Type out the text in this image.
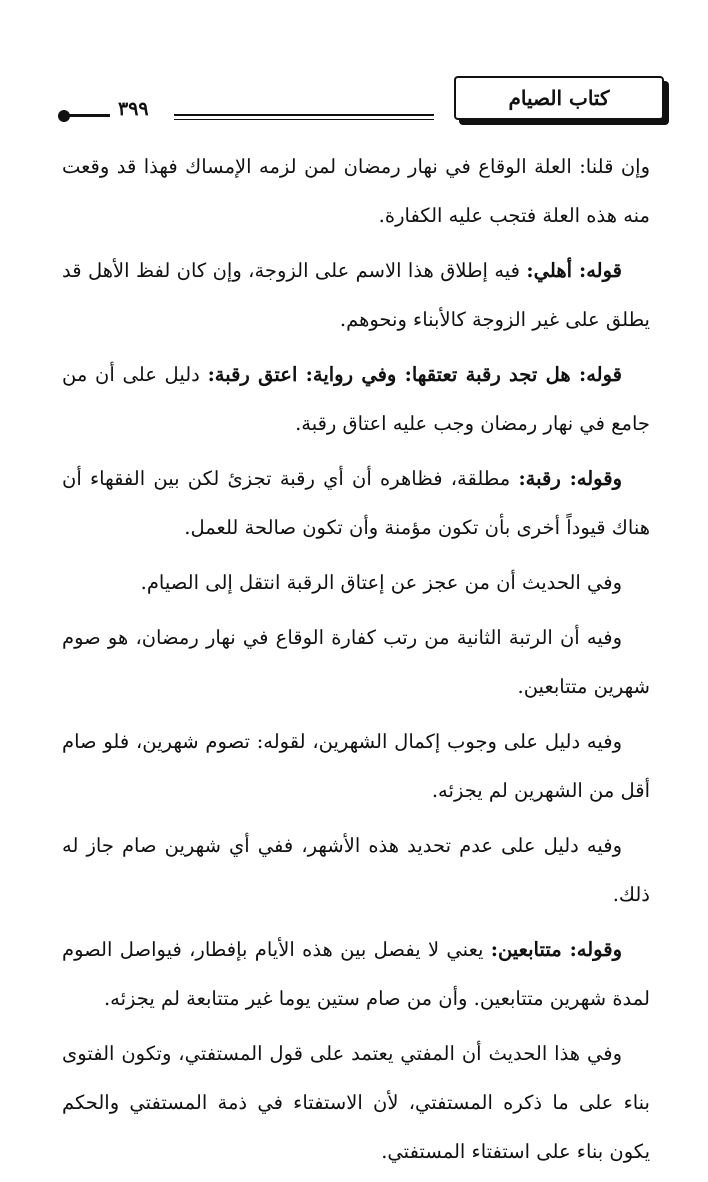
كتاب الصيام
٣٩٩

وإن قلنا: العلة الوقاع في نهار رمضان لمن لزمه الإمساك فهذا قد وقعت منه هذه العلة فتجب عليه الكفارة.

قوله: أهلي: فيه إطلاق هذا الاسم على الزوجة، وإن كان لفظ الأهل قد يطلق على غير الزوجة كالأبناء ونحوهم.

قوله: هل تجد رقبة تعتقها: وفي رواية: اعتق رقبة: دليل على أن من جامع في نهار رمضان وجب عليه اعتاق رقبة.

وقوله: رقبة: مطلقة، فظاهره أن أي رقبة تجزئ لكن بين الفقهاء أن هناك قيوداً أخرى بأن تكون مؤمنة وأن تكون صالحة للعمل.

وفي الحديث أن من عجز عن إعتاق الرقبة انتقل إلى الصيام.

وفيه أن الرتبة الثانية من رتب كفارة الوقاع في نهار رمضان، هو صوم شهرين متتابعين.

وفيه دليل على وجوب إكمال الشهرين، لقوله: تصوم شهرين، فلو صام أقل من الشهرين لم يجزئه.

وفيه دليل على عدم تحديد هذه الأشهر، ففي أي شهرين صام جاز له ذلك.

وقوله: متتابعين: يعني لا يفصل بين هذه الأيام بإفطار، فيواصل الصوم لمدة شهرين متتابعين. وأن من صام ستين يوما غير متتابعة لم يجزئه.

وفي هذا الحديث أن المفتي يعتمد على قول المستفتي، وتكون الفتوى بناء على ما ذكره المستفتي، لأن الاستفتاء في ذمة المستفتي والحكم يكون بناء على استفتاء المستفتي.
